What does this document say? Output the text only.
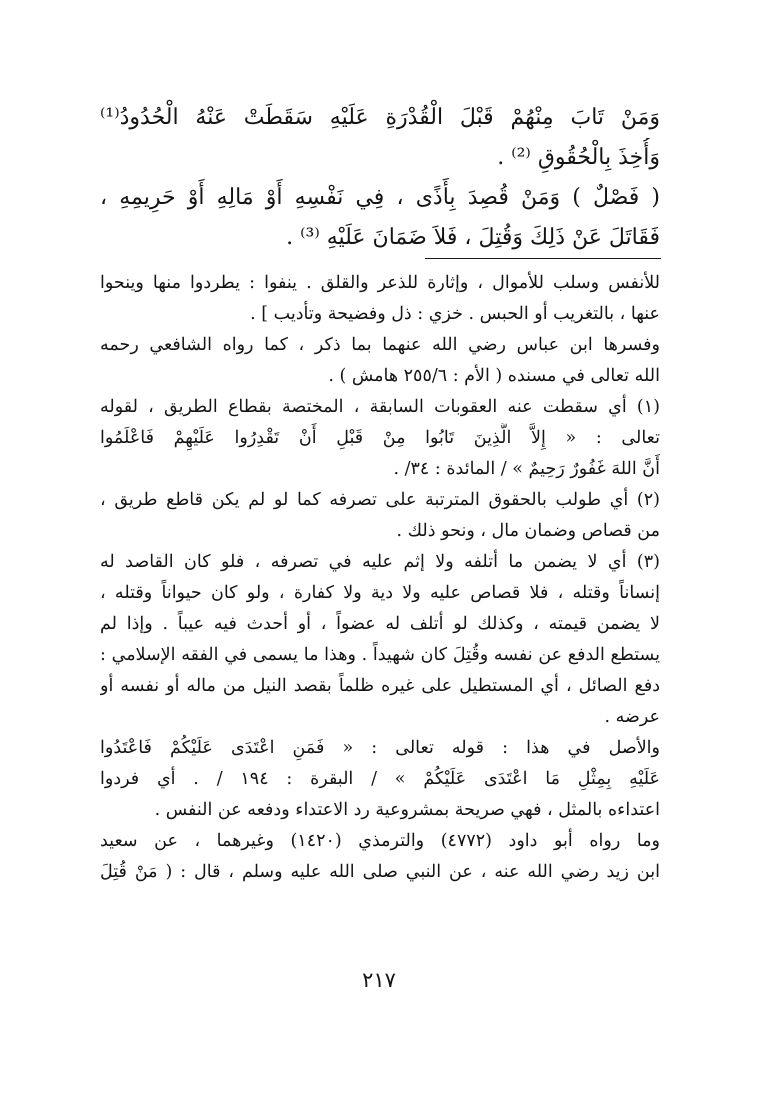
وَمَنْ تَابَ مِنْهُمْ قَبْلَ الْقُدْرَةِ عَلَيْهِ سَقَطَتْ عَنْهُ الْحُدُودُ⁽¹⁾
وَأُخِذَ بِالْحُقُوقِ ⁽²⁾ .
( فَصْلٌ ) وَمَنْ قُصِدَ بِأَذًى ، فِي نَفْسِهِ أَوْ مَالِهِ أَوْ حَرِيمِهِ ،
فَقَاتَلَ عَنْ ذَلِكَ وَقُتِلَ ، فَلاَ ضَمَانَ عَلَيْهِ ⁽³⁾ .
للأنفس وسلب للأموال ، وإثارة للذعر والقلق . ينفوا : يطردوا منها وينحوا
عنها ، بالتغريب أو الحبس . خزي : ذل وفضيحة وتأديب ] .
وفسرها ابن عباس رضي الله عنهما بما ذكر ، كما رواه الشافعي رحمه
الله تعالى في مسنده ( الأم : ٢٥٥/٦ هامش ) .
(١) أي سقطت عنه العقوبات السابقة ، المختصة بقطاع الطريق ، لقوله
تعالى : « إِلاَّ الَّذِينَ تَابُوا مِنْ قَبْلِ أَنْ تَقْدِرُوا عَلَيْهِمْ فَاعْلَمُوا
أَنَّ اللهَ غَفُورٌ رَحِيمٌ » / المائدة : ٣٤/ .
(٢) أي طولب بالحقوق المترتبة على تصرفه كما لو لم يكن قاطع طريق ،
من قصاص وضمان مال ، ونحو ذلك .
(٣) أي لا يضمن ما أتلفه ولا إثم عليه في تصرفه ، فلو كان القاصد له
إنساناً وقتله ، فلا قصاص عليه ولا دية ولا كفارة ، ولو كان حيواناً وقتله ،
لا يضمن قيمته ، وكذلك لو أتلف له عضواً ، أو أحدث فيه عيباً . وإذا لم
يستطع الدفع عن نفسه وقُتِلَ كان شهيداً . وهذا ما يسمى في الفقه الإسلامي :
دفع الصائل ، أي المستطيل على غيره ظلماً بقصد النيل من ماله أو نفسه أو
عرضه .
والأصل في هذا : قوله تعالى : « فَمَنِ اعْتَدَى عَلَيْكُمْ فَاعْتَدُوا
عَلَيْهِ بِمِثْلِ مَا اعْتَدَى عَلَيْكُمْ » / البقرة : ١٩٤ / . أي فردوا
اعتداءه بالمثل ، فهي صريحة بمشروعية رد الاعتداء ودفعه عن النفس .
وما رواه أبو داود (٤٧٧٢) والترمذي (١٤٢٠) وغيرهما ، عن سعيد
ابن زيد رضي الله عنه ، عن النبي صلى الله عليه وسلم ، قال : ( مَنْ قُتِلَ
٢١٧
